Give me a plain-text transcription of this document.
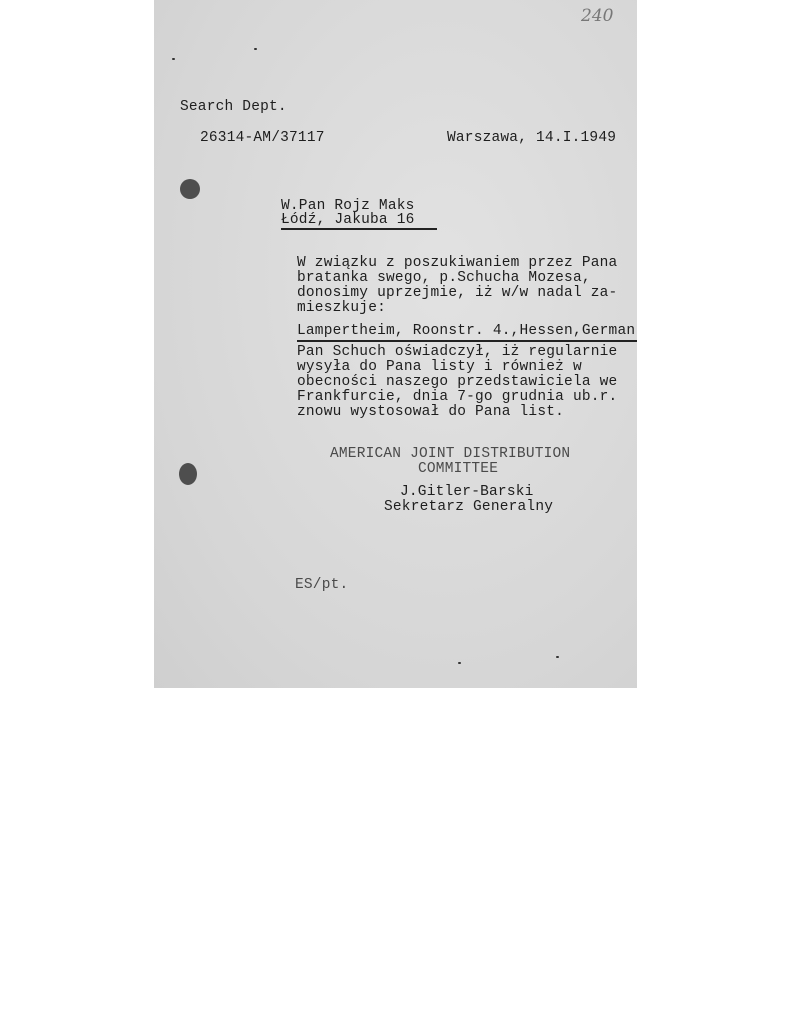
240
Search Dept.
26314-AM/37117	Warszawa, 14.I.1949
W.Pan Rojz Maks
Łódź, Jakuba 16
W związku z poszukiwaniem przez Pana
bratanka swego, p.Schucha Mozesa,
donosimy uprzejmie, iż w/w nadal za-
mieszkuje:
Lampertheim, Roonstr. 4.,Hessen,German
Pan Schuch oświadczył, iż regularnie
wysyła do Pana listy i również w
obecności naszego przedstawiciela we
Frankfurcie, dnia 7-go grudnia ub.r.
znowu wystosował do Pana list.
AMERICAN JOINT DISTRIBUTION
COMMITTEE
J.Gitler-Barski
Sekretarz Generalny
ES/pt.
